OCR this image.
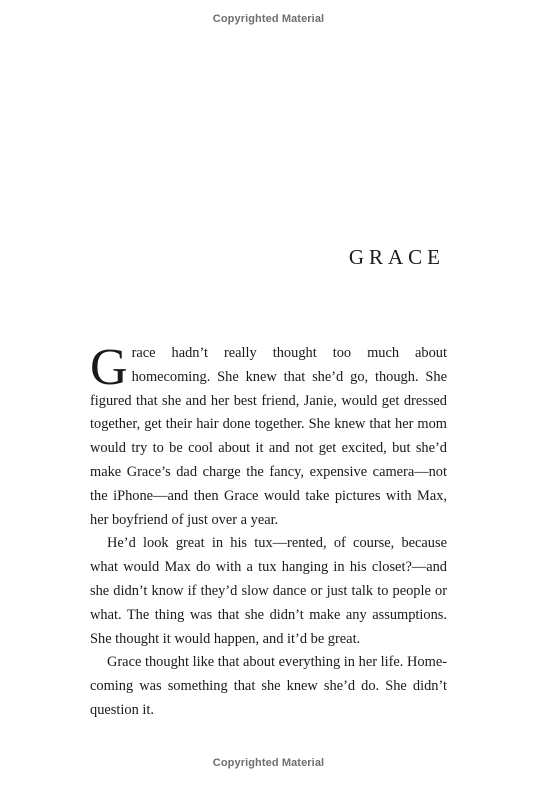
Copyrighted Material
GRACE

Grace hadn’t really thought too much about homecoming. She knew that she’d go, though. She figured that she and her best friend, Janie, would get dressed together, get their hair done together. She knew that her mom would try to be cool about it and not get excited, but she’d make Grace’s dad charge the fancy, expensive camera—not the iPhone—and then Grace would take pictures with Max, her boyfriend of just over a year.

He’d look great in his tux—rented, of course, because what would Max do with a tux hanging in his closet?—and she didn’t know if they’d slow dance or just talk to people or what. The thing was that she didn’t make any assumptions. She thought it would happen, and it’d be great.

Grace thought like that about everything in her life. Home-coming was something that she knew she’d do. She didn’t question it.

Copyrighted Material
